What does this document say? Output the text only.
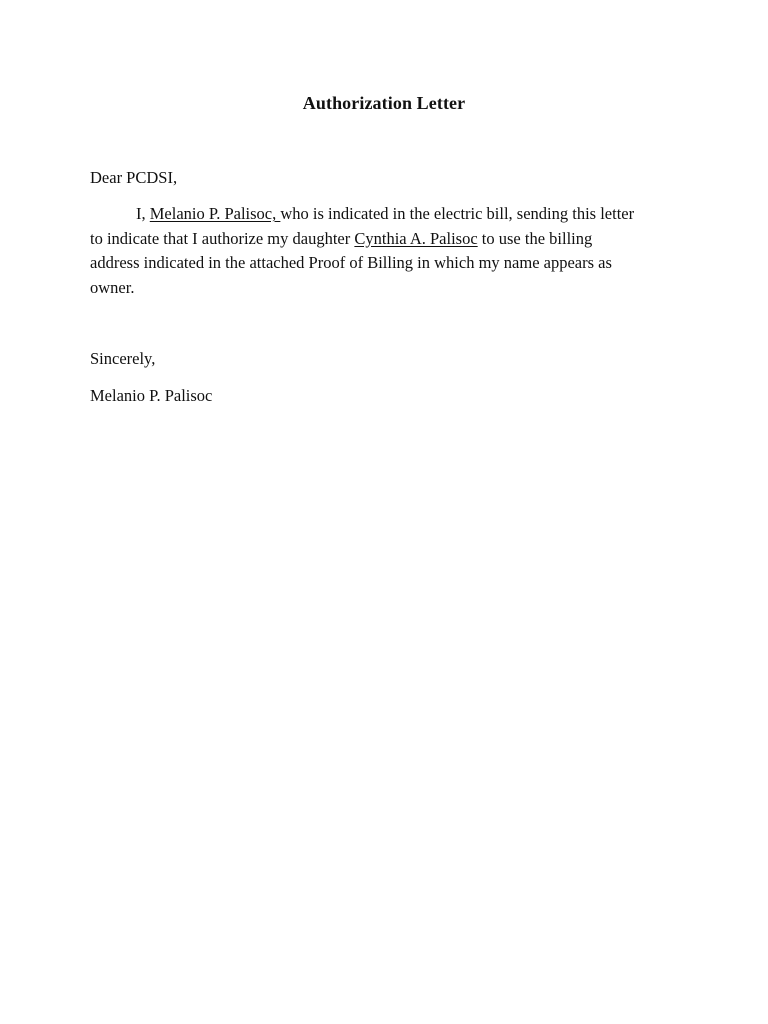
Authorization Letter
Dear PCDSI,
I, Melanio P. Palisoc, who is indicated in the electric bill, sending this letter
to indicate that I authorize my daughter Cynthia A. Palisoc to use the billing
address indicated in the attached Proof of Billing in which my name appears as
owner.
Sincerely,
Melanio P. Palisoc
